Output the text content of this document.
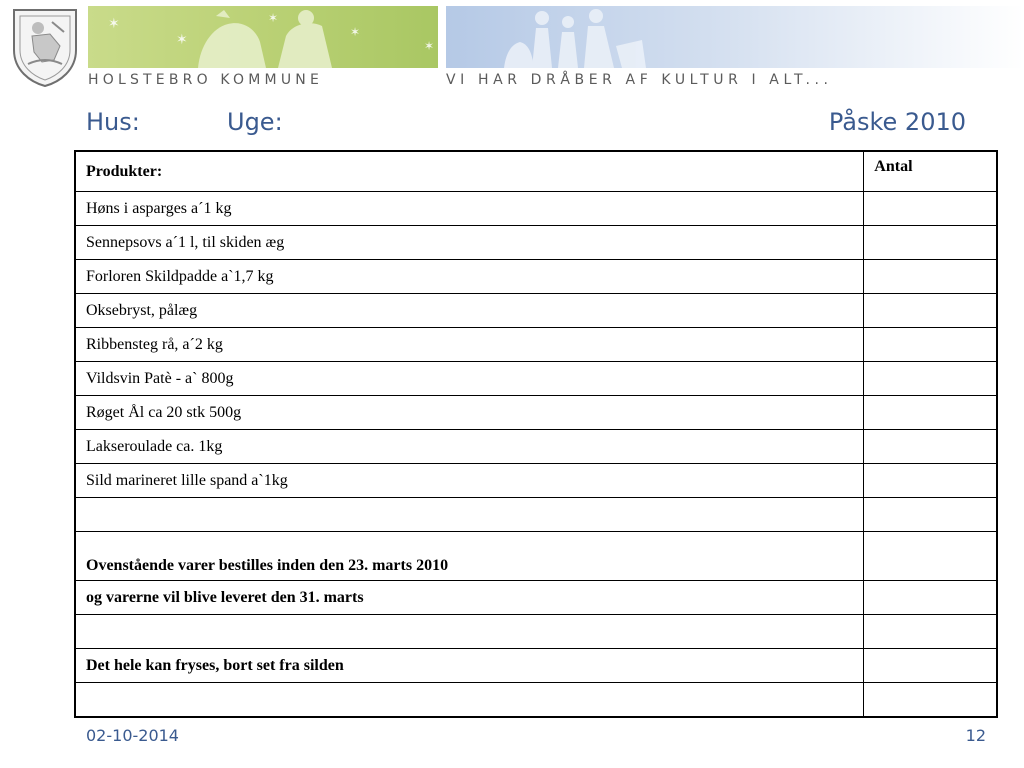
✶
✶
✶
✶
✶
HOLSTEBRO KOMMUNE	VI HAR DRÅBER AF KULTUR I ALT...
Hus:	Uge:	Påske 2010
Produkter:	Antal
Høns i asparges a´1 kg	
Sennepsovs a´1 l, til skiden æg	
Forloren Skildpadde a`1,7 kg	
Oksebryst, pålæg	
Ribbensteg rå, a´2 kg	
Vildsvin Patè - a` 800g	
Røget Ål ca 20 stk 500g	
Lakseroulade ca. 1kg	
Sild marineret lille spand a`1kg	

Ovenstående varer bestilles inden den 23. marts 2010	
og varerne vil blive leveret den 31. marts	

Det hele kan fryses, bort set fra silden	

02-10-2014	12
